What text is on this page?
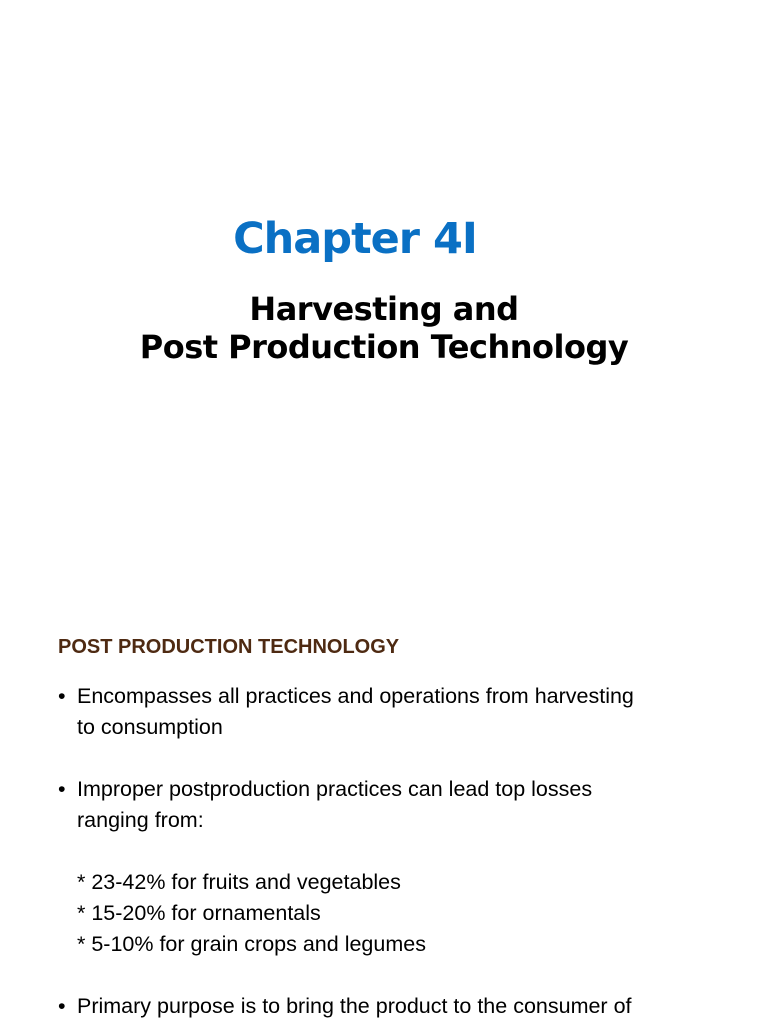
Chapter 4I
Harvesting and
Post Production Technology
POST PRODUCTION TECHNOLOGY
• Encompasses all practices and operations from harvesting
to consumption
• Improper postproduction practices can lead top losses
ranging from:
* 23-42% for fruits and vegetables
* 15-20% for ornamentals
* 5-10% for grain crops and legumes
• Primary purpose is to bring the product to the consumer of
